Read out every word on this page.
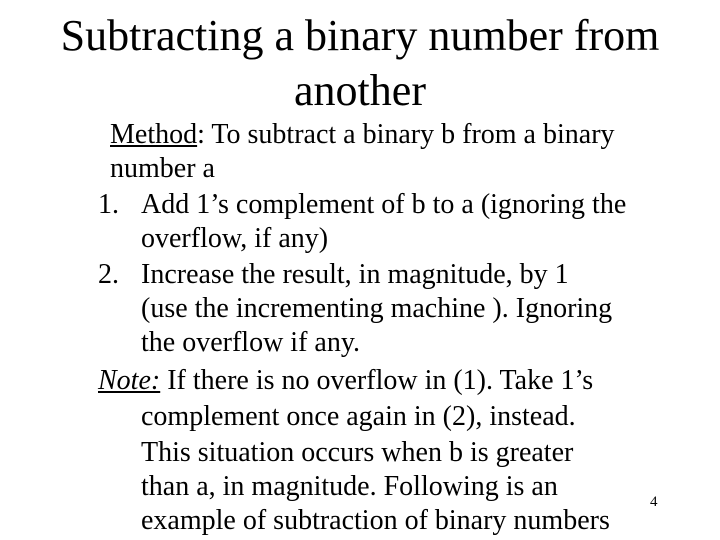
Subtracting a binary number from
another
Method: To subtract a binary b from a binary
number a
1. Add 1’s complement of b to a (ignoring the
overflow, if any)
2. Increase the result, in magnitude, by 1
(use the incrementing machine ). Ignoring
the overflow if any.
Note: If there is no overflow in (1). Take 1’s
complement once again in (2), instead.
This situation occurs when b is greater
than a, in magnitude. Following is an
example of subtraction of binary numbers
4
